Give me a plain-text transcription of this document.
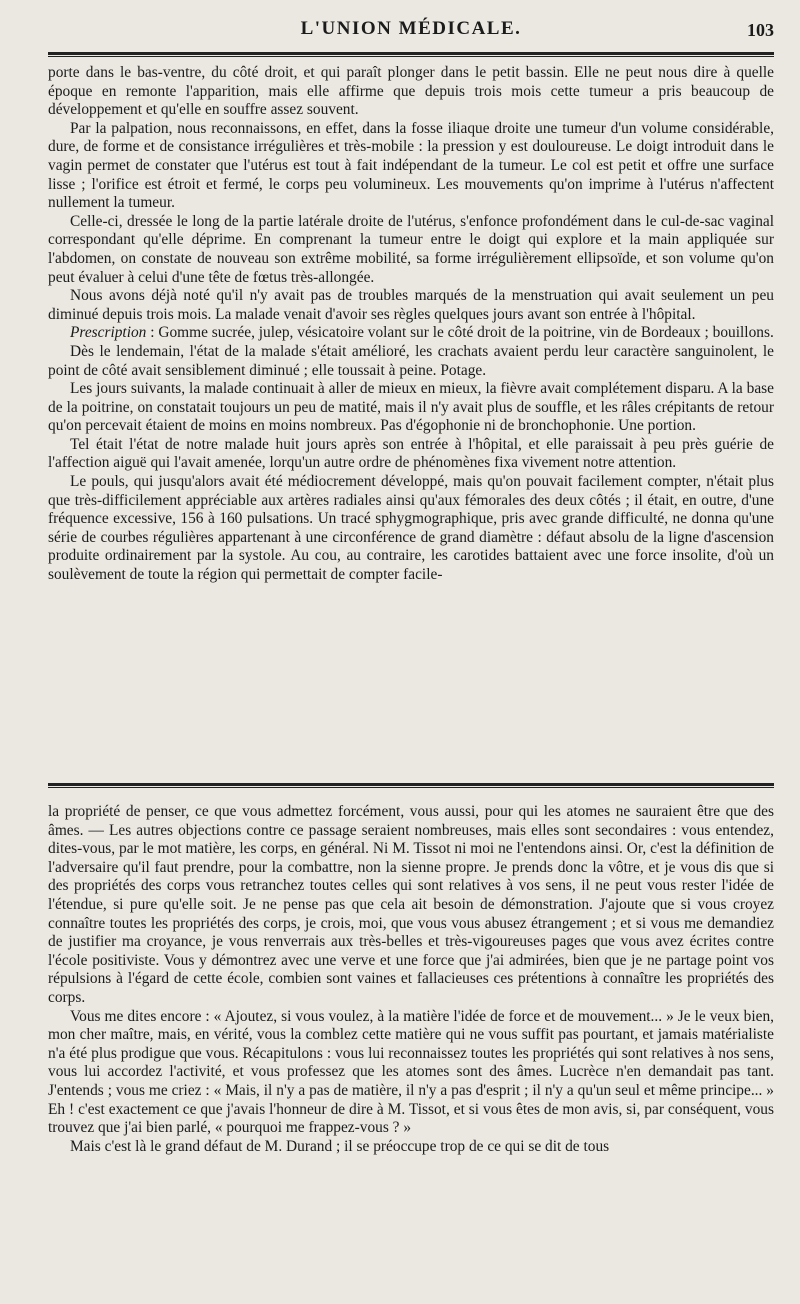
L'UNION MÉDICALE.	103

porte dans le bas-ventre, du côté droit, et qui paraît plonger dans le petit bassin. Elle ne peut nous dire à quelle époque en remonte l'apparition, mais elle affirme que depuis trois mois cette tumeur a pris beaucoup de développement et qu'elle en souffre assez souvent.

Par la palpation, nous reconnaissons, en effet, dans la fosse iliaque droite une tumeur d'un volume considérable, dure, de forme et de consistance irrégulières et très-mobile : la pression y est douloureuse. Le doigt introduit dans le vagin permet de constater que l'utérus est tout à fait indépendant de la tumeur. Le col est petit et offre une surface lisse ; l'orifice est étroit et fermé, le corps peu volumineux. Les mouvements qu'on imprime à l'utérus n'affectent nullement la tumeur.

Celle-ci, dressée le long de la partie latérale droite de l'utérus, s'enfonce profondément dans le cul-de-sac vaginal correspondant qu'elle déprime. En comprenant la tumeur entre le doigt qui explore et la main appliquée sur l'abdomen, on constate de nouveau son extrême mobilité, sa forme irrégulièrement ellipsoïde, et son volume qu'on peut évaluer à celui d'une tête de fœtus très-allongée.

Nous avons déjà noté qu'il n'y avait pas de troubles marqués de la menstruation qui avait seulement un peu diminué depuis trois mois. La malade venait d'avoir ses règles quelques jours avant son entrée à l'hôpital.

Prescription : Gomme sucrée, julep, vésicatoire volant sur le côté droit de la poitrine, vin de Bordeaux ; bouillons.

Dès le lendemain, l'état de la malade s'était amélioré, les crachats avaient perdu leur caractère sanguinolent, le point de côté avait sensiblement diminué ; elle toussait à peine. Potage.

Les jours suivants, la malade continuait à aller de mieux en mieux, la fièvre avait complétement disparu. A la base de la poitrine, on constatait toujours un peu de matité, mais il n'y avait plus de souffle, et les râles crépitants de retour qu'on percevait étaient de moins en moins nombreux. Pas d'égophonie ni de bronchophonie. Une portion.

Tel était l'état de notre malade huit jours après son entrée à l'hôpital, et elle paraissait à peu près guérie de l'affection aiguë qui l'avait amenée, lorqu'un autre ordre de phénomènes fixa vivement notre attention.

Le pouls, qui jusqu'alors avait été médiocrement développé, mais qu'on pouvait facilement compter, n'était plus que très-difficilement appréciable aux artères radiales ainsi qu'aux fémorales des deux côtés ; il était, en outre, d'une fréquence excessive, 156 à 160 pulsations. Un tracé sphygmographique, pris avec grande difficulté, ne donna qu'une série de courbes régulières appartenant à une circonférence de grand diamètre : défaut absolu de la ligne d'ascension produite ordinairement par la systole. Au cou, au contraire, les carotides battaient avec une force insolite, d'où un soulèvement de toute la région qui permettait de compter facile-

la propriété de penser, ce que vous admettez forcément, vous aussi, pour qui les atomes ne sauraient être que des âmes. — Les autres objections contre ce passage seraient nombreuses, mais elles sont secondaires : vous entendez, dites-vous, par le mot matière, les corps, en général. Ni M. Tissot ni moi ne l'entendons ainsi. Or, c'est la définition de l'adversaire qu'il faut prendre, pour la combattre, non la sienne propre. Je prends donc la vôtre, et je vous dis que si des propriétés des corps vous retranchez toutes celles qui sont relatives à vos sens, il ne peut vous rester l'idée de l'étendue, si pure qu'elle soit. Je ne pense pas que cela ait besoin de démonstration. J'ajoute que si vous croyez connaître toutes les propriétés des corps, je crois, moi, que vous vous abusez étrangement ; et si vous me demandiez de justifier ma croyance, je vous renverrais aux très-belles et très-vigoureuses pages que vous avez écrites contre l'école positiviste. Vous y démontrez avec une verve et une force que j'ai admirées, bien que je ne partage point vos répulsions à l'égard de cette école, combien sont vaines et fallacieuses ces prétentions à connaître les propriétés des corps.

Vous me dites encore : « Ajoutez, si vous voulez, à la matière l'idée de force et de mouvement... » Je le veux bien, mon cher maître, mais, en vérité, vous la comblez cette matière qui ne vous suffit pas pourtant, et jamais matérialiste n'a été plus prodigue que vous. Récapitulons : vous lui reconnaissez toutes les propriétés qui sont relatives à nos sens, vous lui accordez l'activité, et vous professez que les atomes sont des âmes. Lucrèce n'en demandait pas tant. J'entends ; vous me criez : « Mais, il n'y a pas de matière, il n'y a pas d'esprit ; il n'y a qu'un seul et même principe... » Eh ! c'est exactement ce que j'avais l'honneur de dire à M. Tissot, et si vous êtes de mon avis, si, par conséquent, vous trouvez que j'ai bien parlé, « pourquoi me frappez-vous ? »

Mais c'est là le grand défaut de M. Durand ; il se préoccupe trop de ce qui se dit de tous
